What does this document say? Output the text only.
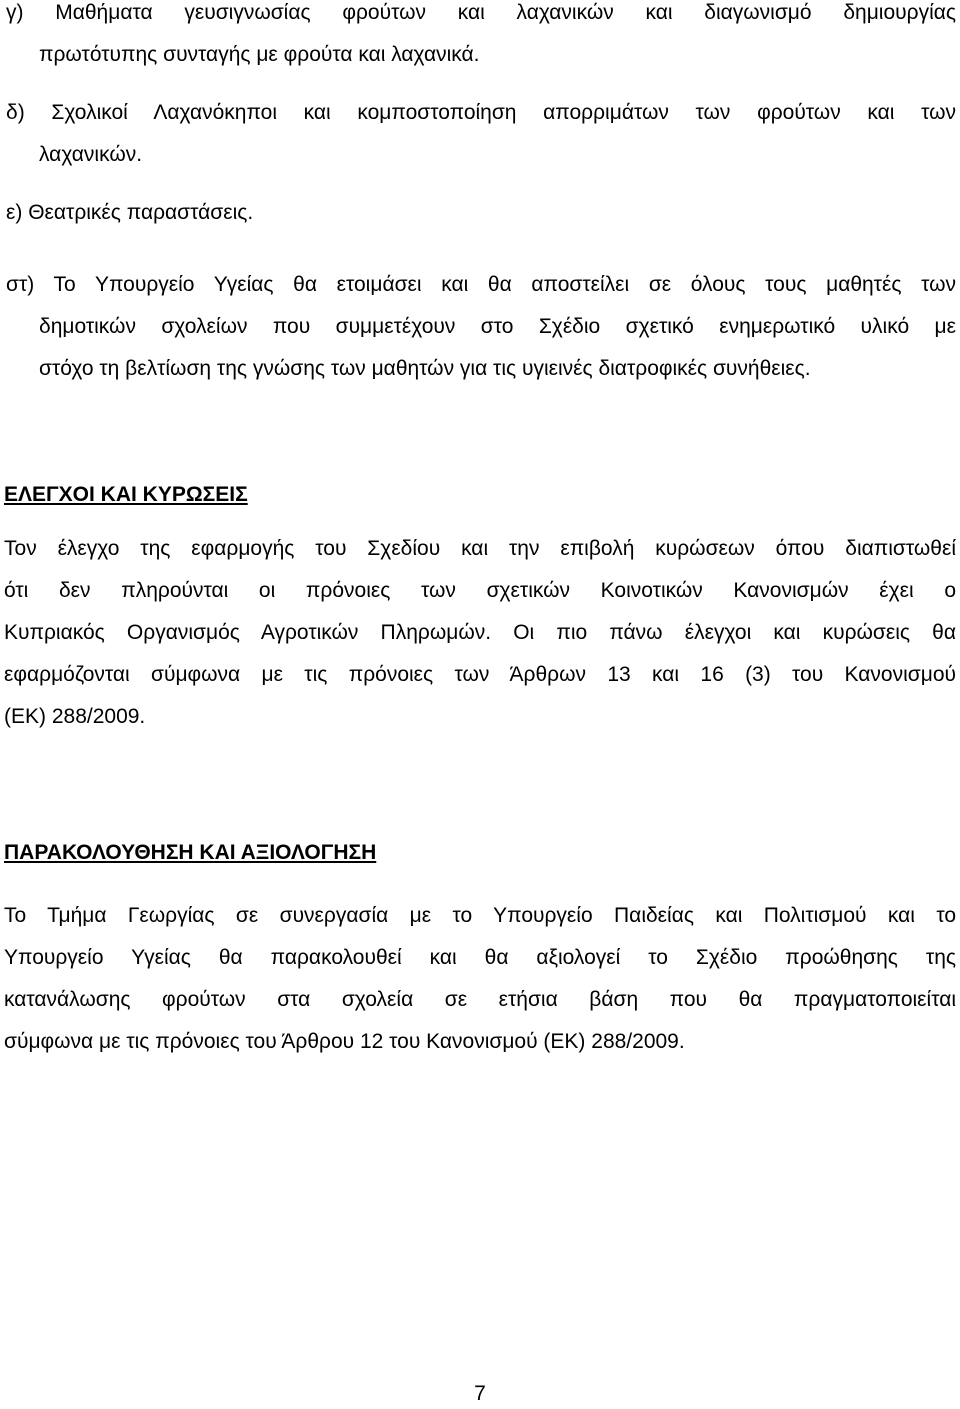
γ) Μαθήματα γευσιγνωσίας φρούτων και λαχανικών και διαγωνισμό δημιουργίας
πρωτότυπης συνταγής με φρούτα και λαχανικά.
δ) Σχολικοί Λαχανόκηποι και κομποστοποίηση απορριμάτων των φρούτων και των
λαχανικών.
ε) Θεατρικές παραστάσεις.
στ) Το Υπουργείο Υγείας θα ετοιμάσει και θα αποστείλει σε όλους τους μαθητές των
δημοτικών σχολείων που συμμετέχουν στο Σχέδιο σχετικό ενημερωτικό υλικό με
στόχο τη βελτίωση της γνώσης των μαθητών για τις υγιεινές διατροφικές συνήθειες.
ΕΛΕΓΧΟΙ ΚΑΙ ΚΥΡΩΣΕΙΣ
Τον έλεγχο της εφαρμογής του Σχεδίου και την επιβολή κυρώσεων όπου διαπιστωθεί
ότι δεν πληρούνται οι πρόνοιες των σχετικών Κοινοτικών Κανονισμών έχει ο
Κυπριακός Οργανισμός Αγροτικών Πληρωμών. Οι πιο πάνω έλεγχοι και κυρώσεις θα
εφαρμόζονται σύμφωνα με τις πρόνοιες των Άρθρων 13 και 16 (3) του Κανονισμού
(ΕΚ) 288/2009.
ΠΑΡΑΚΟΛΟΥΘΗΣΗ ΚΑΙ ΑΞΙΟΛΟΓΗΣΗ
Το Τμήμα Γεωργίας σε συνεργασία με το Υπουργείο Παιδείας και Πολιτισμού και το
Υπουργείο Υγείας θα παρακολουθεί και θα αξιολογεί το Σχέδιο προώθησης της
κατανάλωσης φρούτων στα σχολεία σε ετήσια βάση που θα πραγματοποιείται
σύμφωνα με τις πρόνοιες του Άρθρου 12 του Κανονισμού (ΕΚ) 288/2009.
7
